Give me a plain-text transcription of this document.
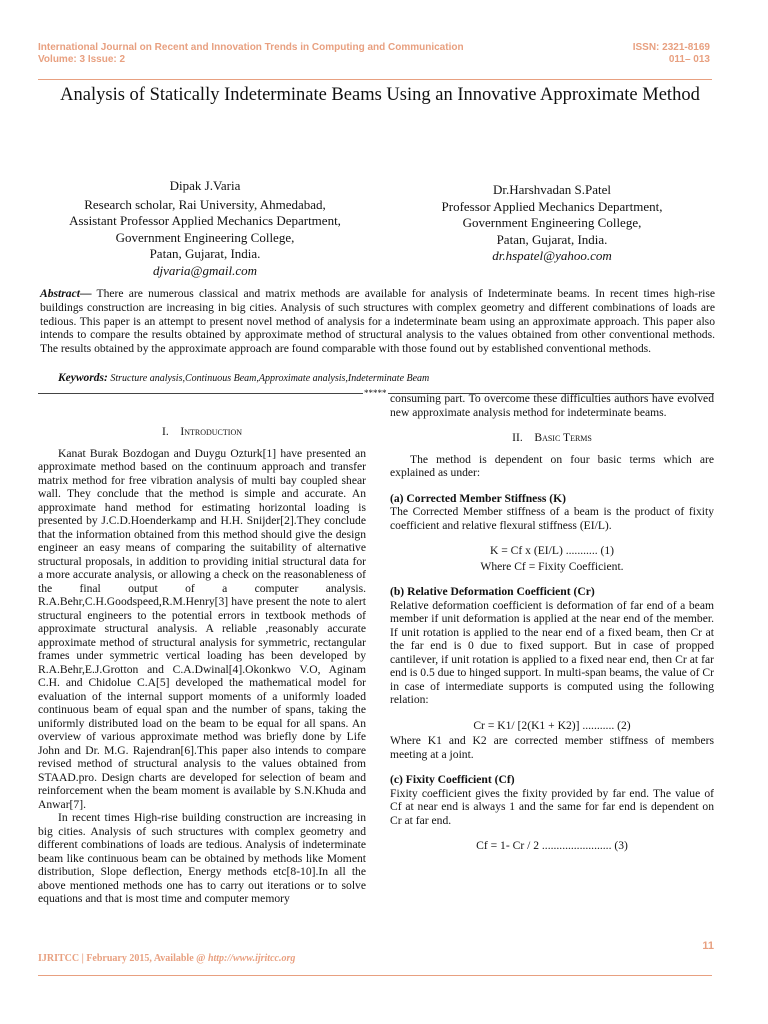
International Journal on Recent and Innovation Trends in Computing and Communication
Volume: 3 Issue: 2
ISSN: 2321-8169
011– 013
Analysis of Statically Indeterminate Beams Using an Innovative Approximate Method
Dipak J.Varia
Research scholar, Rai University, Ahmedabad,
Assistant Professor Applied Mechanics Department,
Government Engineering College,
Patan, Gujarat, India.
djvaria@gmail.com
Dr.Harshvadan S.Patel
Professor Applied Mechanics Department,
Government Engineering College,
Patan, Gujarat, India.
dr.hspatel@yahoo.com

Abstract— There are numerous classical and matrix methods are available for analysis of Indeterminate beams. In recent times high-rise buildings construction are increasing in big cities. Analysis of such structures with complex geometry and different combinations of loads are tedious. This paper is an attempt to present novel method of analysis for a indeterminate beam using an approximate approach. This paper also intends to compare the results obtained by approximate method of structural analysis to the values obtained from other conventional methods. The results obtained by the approximate approach are found comparable with those found out by established conventional methods.

Keywords: Structure analysis,Continuous Beam,Approximate analysis,Indeterminate Beam
*****
I. Introduction

Kanat Burak Bozdogan and Duygu Ozturk[1] have presented an approximate method based on the continuum approach and transfer matrix method for free vibration analysis of multi bay coupled shear wall. They conclude that the method is simple and accurate. An approximate hand method for estimating horizontal loading is presented by J.C.D.Hoenderkamp and H.H. Snijder[2].They conclude that the information obtained from this method should give the design engineer an easy means of comparing the suitability of alternative structural proposals, in addition to providing initial structural data for a more accurate analysis, or allowing a check on the reasonableness of the final output of a computer analysis. R.A.Behr,C.H.Goodspeed,R.M.Henry[3] have present the note to alert structural engineers to the potential errors in textbook methods of approximate structural analysis. A reliable ,reasonably accurate approximate method of structural analysis for symmetric, rectangular frames under symmetric vertical loading has been developed by R.A.Behr,E.J.Grotton and C.A.Dwinal[4].Okonkwo V.O, Aginam C.H. and Chidolue C.A[5] developed the mathematical model for evaluation of the internal support moments of a uniformly loaded continuous beam of equal span and the number of spans, taking the uniformly distributed load on the beam to be equal for all spans. An overview of various approximate method was briefly done by Life John and Dr. M.G. Rajendran[6].This paper also intends to compare revised method of structural analysis to the values obtained from STAAD.pro. Design charts are developed for selection of beam and reinforcement when the beam moment is available by S.N.Khuda and Anwar[7].

In recent times High-rise building construction are increasing in big cities. Analysis of such structures with complex geometry and different combinations of loads are tedious. Analysis of indeterminate beam like continuous beam can be obtained by methods like Moment distribution, Slope deflection, Energy methods etc[8-10].In all the above mentioned methods one has to carry out iterations or to solve equations and that is most time and computer memory

consuming part. To overcome these difficulties authors have evolved new approximate analysis method for indeterminate beams.

II. Basic Terms

The method is dependent on four basic terms which are explained as under:

(a) Corrected Member Stiffness (K)

The Corrected Member stiffness of a beam is the product of fixity coefficient and relative flexural stiffness (EI/L).

K = Cf x (EI/L) ........... (1)

Where Cf = Fixity Coefficient.

(b) Relative Deformation Coefficient (Cr)

Relative deformation coefficient is deformation of far end of a beam member if unit deformation is applied at the near end of the member. If unit rotation is applied to the near end of a fixed beam, then Cr at the far end is 0 due to fixed support. But in case of propped cantilever, if unit rotation is applied to a fixed near end, then Cr at far end is 0.5 due to hinged support. In multi-span beams, the value of Cr in case of intermediate supports is computed using the following relation:

Cr = K1/ [2(K1 + K2)] ........... (2)

Where K1 and K2 are corrected member stiffness of members meeting at a joint.

(c) Fixity Coefficient (Cf)

Fixity coefficient gives the fixity provided by far end. The value of Cf at near end is always 1 and the same for far end is dependent on Cr at far end.

Cf = 1- Cr / 2 ........................ (3)

11
IJRITCC | February 2015, Available @ http://www.ijritcc.org
